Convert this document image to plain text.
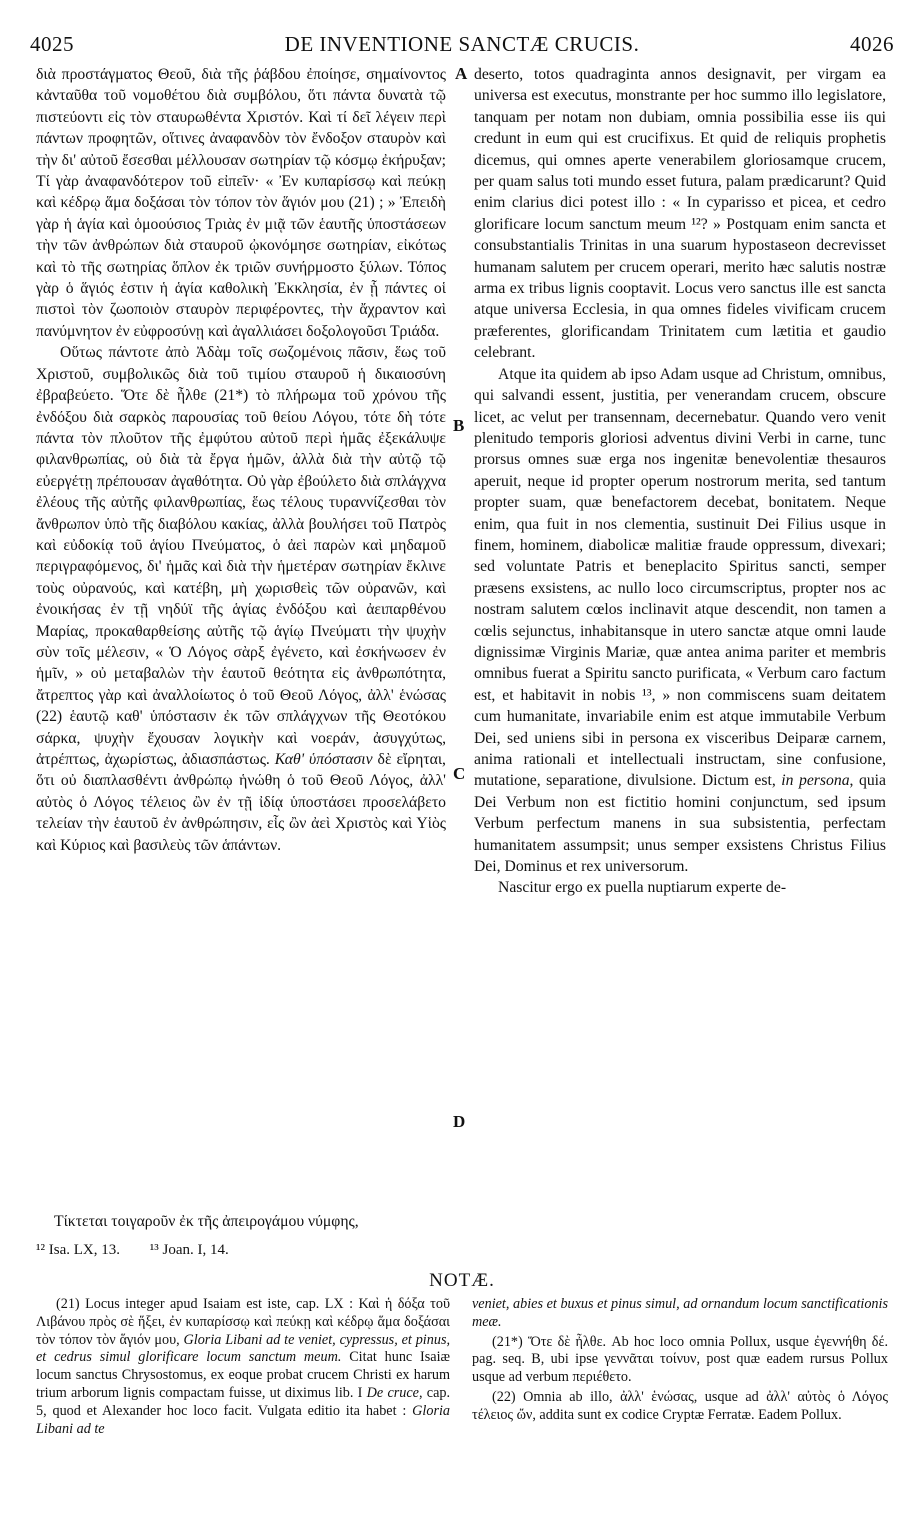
4025	DE INVENTIONE SANCTÆ CRUCIS.	4026

διὰ προστάγματος Θεοῦ, διὰ τῆς ῥάβδου ἐποίησε, σημαίνοντος κἀνταῦθα τοῦ νομοθέτου διὰ συμβόλου, ὅτι πάντα δυνατὰ τῷ πιστεύοντι εἰς τὸν σταυρωθέντα Χριστόν. Καὶ τί δεῖ λέγειν περὶ πάντων προφητῶν, οἵτινες ἀναφανδὸν τὸν ἔνδοξον σταυρὸν καὶ τὴν δι' αὐτοῦ ἔσεσθαι μέλλουσαν σωτηρίαν τῷ κόσμῳ ἐκήρυξαν; Τί γὰρ ἀναφανδότερον τοῦ εἰπεῖν· « Ἐν κυπαρίσσῳ καὶ πεύκῃ καὶ κέδρῳ ἅμα δοξάσαι τὸν τόπον τὸν ἅγιόν μου (21) ; » Ἐπειδὴ γὰρ ἡ ἁγία καὶ ὁμοούσιος Τριὰς ἐν μιᾷ τῶν ἑαυτῆς ὑποστάσεων τὴν τῶν ἀνθρώπων διὰ σταυροῦ ᾠκονόμησε σωτηρίαν, εἰκότως καὶ τὸ τῆς σωτηρίας ὅπλον ἐκ τριῶν συνήρμοστο ξύλων. Τόπος γὰρ ὁ ἅγιός ἐστιν ἡ ἁγία καθολικὴ Ἐκκλησία, ἐν ᾗ πάντες οἱ πιστοὶ τὸν ζωοποιὸν σταυρὸν περιφέροντες, τὴν ἄχραντον καὶ πανύμνητον ἐν εὐφροσύνῃ καὶ ἀγαλλιάσει δοξολογοῦσι Τριάδα.

Οὕτως πάντοτε ἀπὸ Ἀδὰμ τοῖς σωζομένοις πᾶσιν, ἕως τοῦ Χριστοῦ, συμβολικῶς διὰ τοῦ τιμίου σταυροῦ ἡ δικαιοσύνη ἐβραβεύετο. Ὅτε δὲ ἦλθε (21*) τὸ πλήρωμα τοῦ χρόνου τῆς ἐνδόξου διὰ σαρκὸς παρουσίας τοῦ θείου Λόγου, τότε δὴ τότε πάντα τὸν πλοῦτον τῆς ἐμφύτου αὐτοῦ περὶ ἡμᾶς ἐξεκάλυψε φιλανθρωπίας, οὐ διὰ τὰ ἔργα ἡμῶν, ἀλλὰ διὰ τὴν αὐτῷ τῷ εὐεργέτῃ πρέπουσαν ἀγαθότητα. Οὐ γὰρ ἐβούλετο διὰ σπλάγχνα ἐλέους τῆς αὐτῆς φιλανθρωπίας, ἕως τέλους τυραννίζεσθαι τὸν ἄνθρωπον ὑπὸ τῆς διαβόλου κακίας, ἀλλὰ βουλήσει τοῦ Πατρὸς καὶ εὐδοκίᾳ τοῦ ἁγίου Πνεύματος, ὁ ἀεὶ παρὼν καὶ μηδαμοῦ περιγραφόμενος, δι' ἡμᾶς καὶ διὰ τὴν ἡμετέραν σωτηρίαν ἔκλινε τοὺς οὐρανούς, καὶ κατέβη, μὴ χωρισθεὶς τῶν οὐρανῶν, καὶ ἐνοικήσας ἐν τῇ νηδύϊ τῆς ἁγίας ἐνδόξου καὶ ἀειπαρθένου Μαρίας, προκαθαρθείσης αὐτῆς τῷ ἁγίῳ Πνεύματι τὴν ψυχὴν σὺν τοῖς μέλεσιν, « Ὁ Λόγος σὰρξ ἐγένετο, καὶ ἐσκήνωσεν ἐν ἡμῖν, » οὐ μεταβαλὼν τὴν ἑαυτοῦ θεότητα εἰς ἀνθρωπότητα, ἄτρεπτος γὰρ καὶ ἀναλλοίωτος ὁ τοῦ Θεοῦ Λόγος, ἀλλ' ἑνώσας (22) ἑαυτῷ καθ' ὑπόστασιν ἐκ τῶν σπλάγχνων τῆς Θεοτόκου σάρκα, ψυχὴν ἔχουσαν λογικὴν καὶ νοεράν, ἀσυγχύτως, ἀτρέπτως, ἀχωρίστως, ἀδιασπάστως. Καθ' ὑπόστασιν δὲ εἴρηται, ὅτι οὐ διαπλασθέντι ἀνθρώπῳ ἡνώθη ὁ τοῦ Θεοῦ Λόγος, ἀλλ' αὐτὸς ὁ Λόγος τέλειος ὢν ἐν τῇ ἰδίᾳ ὑποστάσει προσελάβετο τελείαν τὴν ἑαυτοῦ ἐν ἀνθρώπησιν, εἷς ὢν ἀεὶ Χριστὸς καὶ Υἱὸς καὶ Κύριος καὶ βασιλεὺς τῶν ἁπάντων.

A
B
C
D

deserto, totos quadraginta annos designavit, per virgam ea universa est executus, monstrante per hoc summo illo legislatore, tanquam per notam non dubiam, omnia possibilia esse iis qui credunt in eum qui est crucifixus. Et quid de reliquis prophetis dicemus, qui omnes aperte venerabilem gloriosamque crucem, per quam salus toti mundo esset futura, palam prædicarunt? Quid enim clarius dici potest illo : « In cyparisso et picea, et cedro glorificare locum sanctum meum ¹²? » Postquam enim sancta et consubstantialis Trinitas in una suarum hypostaseon decrevisset humanam salutem per crucem operari, merito hæc salutis nostræ arma ex tribus lignis cooptavit. Locus vero sanctus ille est sancta atque universa Ecclesia, in qua omnes fideles vivificam crucem præferentes, glorificandam Trinitatem cum lætitia et gaudio celebrant.

Atque ita quidem ab ipso Adam usque ad Christum, omnibus, qui salvandi essent, justitia, per venerandam crucem, obscure licet, ac velut per transennam, decernebatur. Quando vero venit plenitudo temporis gloriosi adventus divini Verbi in carne, tunc prorsus omnes suæ erga nos ingenitæ benevolentiæ thesauros aperuit, neque id propter operum nostrorum merita, sed tantum propter suam, quæ benefactorem decebat, bonitatem. Neque enim, qua fuit in nos clementia, sustinuit Dei Filius usque in finem, hominem, diabolicæ malitiæ fraude oppressum, divexari; sed voluntate Patris et beneplacito Spiritus sancti, semper præsens exsistens, ac nullo loco circumscriptus, propter nos ac nostram salutem cœlos inclinavit atque descendit, non tamen a cœlis sejunctus, inhabitansque in utero sanctæ atque omni laude dignissimæ Virginis Mariæ, quæ antea anima pariter et membris omnibus fuerat a Spiritu sancto purificata, « Verbum caro factum est, et habitavit in nobis ¹³, » non commiscens suam deitatem cum humanitate, invariabile enim est atque immutabile Verbum Dei, sed uniens sibi in persona ex visceribus Deiparæ carnem, anima rationali et intellectuali instructam, sine confusione, mutatione, separatione, divulsione. Dictum est, in persona, quia Dei Verbum non est fictitio homini conjunctum, sed ipsum Verbum perfectum manens in sua subsistentia, perfectam humanitatem assumpsit; unus semper exsistens Christus Filius Dei, Dominus et rex universorum.

Nascitur ergo ex puella nuptiarum experte de-

Τίκτεται τοιγαροῦν ἐκ τῆς ἀπειρογάμου νύμφης,
¹² Isa. LX, 13. ¹³ Joan. I, 14.
NOTÆ.

(21) Locus integer apud Isaiam est iste, cap. LX : Καὶ ἡ δόξα τοῦ Λιβάνου πρὸς σὲ ἥξει, ἐν κυπαρίσσῳ καὶ πεύκῃ καὶ κέδρῳ ἅμα δοξάσαι τὸν τόπον τὸν ἅγιόν μου, Gloria Libani ad te veniet, cypressus, et pinus, et cedrus simul glorificare locum sanctum meum. Citat hunc Isaiæ locum sanctus Chrysostomus, ex eoque probat crucem Christi ex harum trium arborum lignis compactam fuisse, ut diximus lib. I De cruce, cap. 5, quod et Alexander hoc loco facit. Vulgata editio ita habet : Gloria Libani ad te

veniet, abies et buxus et pinus simul, ad ornandum locum sanctificationis meæ.

(21*) Ὅτε δὲ ἦλθε. Ab hoc loco omnia Pollux, usque ἐγεννήθη δέ. pag. seq. B, ubi ipse γεννᾶται τοίνυν, post quæ eadem rursus Pollux usque ad verbum περιέθετο.

(22) Omnia ab illo, ἀλλ' ἑνώσας, usque ad ἀλλ' αὐτὸς ὁ Λόγος τέλειος ὤν, addita sunt ex codice Cryptæ Ferratæ. Eadem Pollux.
